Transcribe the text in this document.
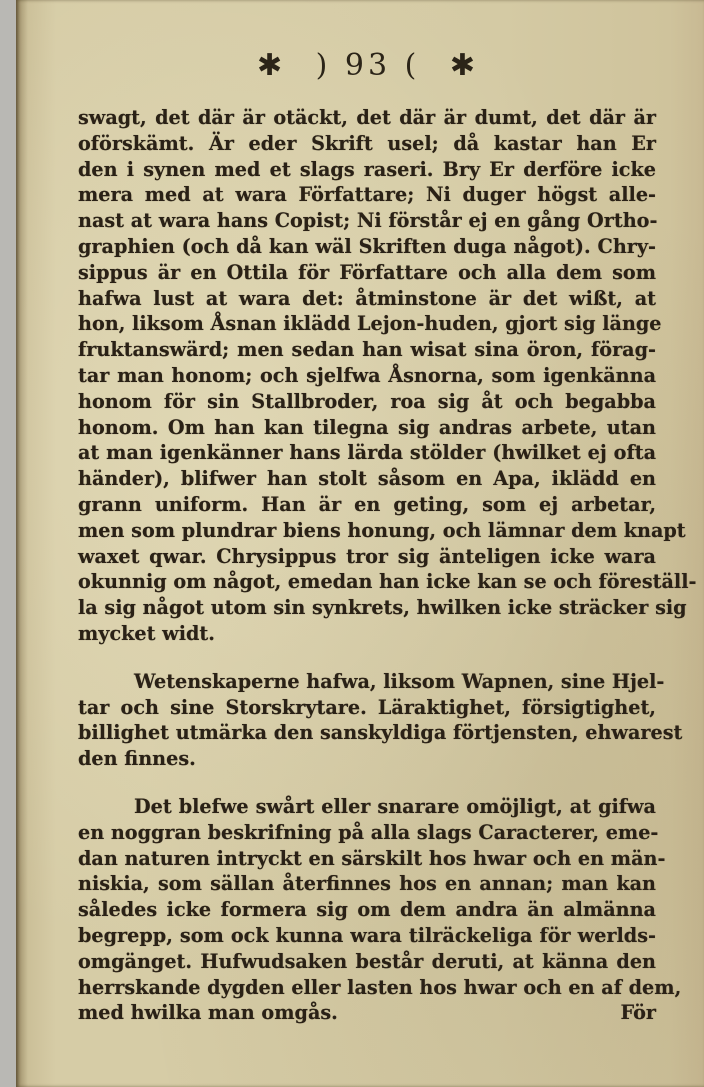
✱ ) 93 ( ✱
swagt, det där är otäckt, det där är dumt, det där är
oförskämt. Är eder Skrift usel; då kastar han Er
den i synen med et slags raseri. Bry Er derföre icke
mera med at wara Författare; Ni duger högst alle-
nast at wara hans Copist; Ni förstår ej en gång Ortho-
graphien (och då kan wäl Skriften duga något). Chry-
sippus är en Ottila för Författare och alla dem som
hafwa lust at wara det: åtminstone är det wißt, at
hon, liksom Åsnan iklädd Lejon-huden, gjort sig länge
fruktanswärd; men sedan han wisat sina öron, förag-
tar man honom; och sjelfwa Åsnorna, som igenkänna
honom för sin Stallbroder, roa sig åt och begabba
honom. Om han kan tilegna sig andras arbete, utan
at man igenkänner hans lärda stölder (hwilket ej ofta
händer), blifwer han stolt såsom en Apa, iklädd en
grann uniform. Han är en geting, som ej arbetar,
men som plundrar biens honung, och lämnar dem knapt
waxet qwar. Chrysippus tror sig änteligen icke wara
okunnig om något, emedan han icke kan se och föreställ-
la sig något utom sin synkrets, hwilken icke sträcker sig
mycket widt.
Wetenskaperne hafwa, liksom Wapnen, sine Hjel-
tar och sine Storskrytare. Läraktighet, försigtighet,
billighet utmärka den sanskyldiga förtjensten, ehwarest
den finnes.
Det blefwe swårt eller snarare omöjligt, at gifwa
en noggran beskrifning på alla slags Caracterer, eme-
dan naturen intryckt en särskilt hos hwar och en män-
niskia, som sällan återfinnes hos en annan; man kan
således icke formera sig om dem andra än almänna
begrepp, som ock kunna wara tilräckeliga för werlds-
omgänget. Hufwudsaken består deruti, at känna den
herrskande dygden eller lasten hos hwar och en af dem,
med hwilka man omgås.	För
